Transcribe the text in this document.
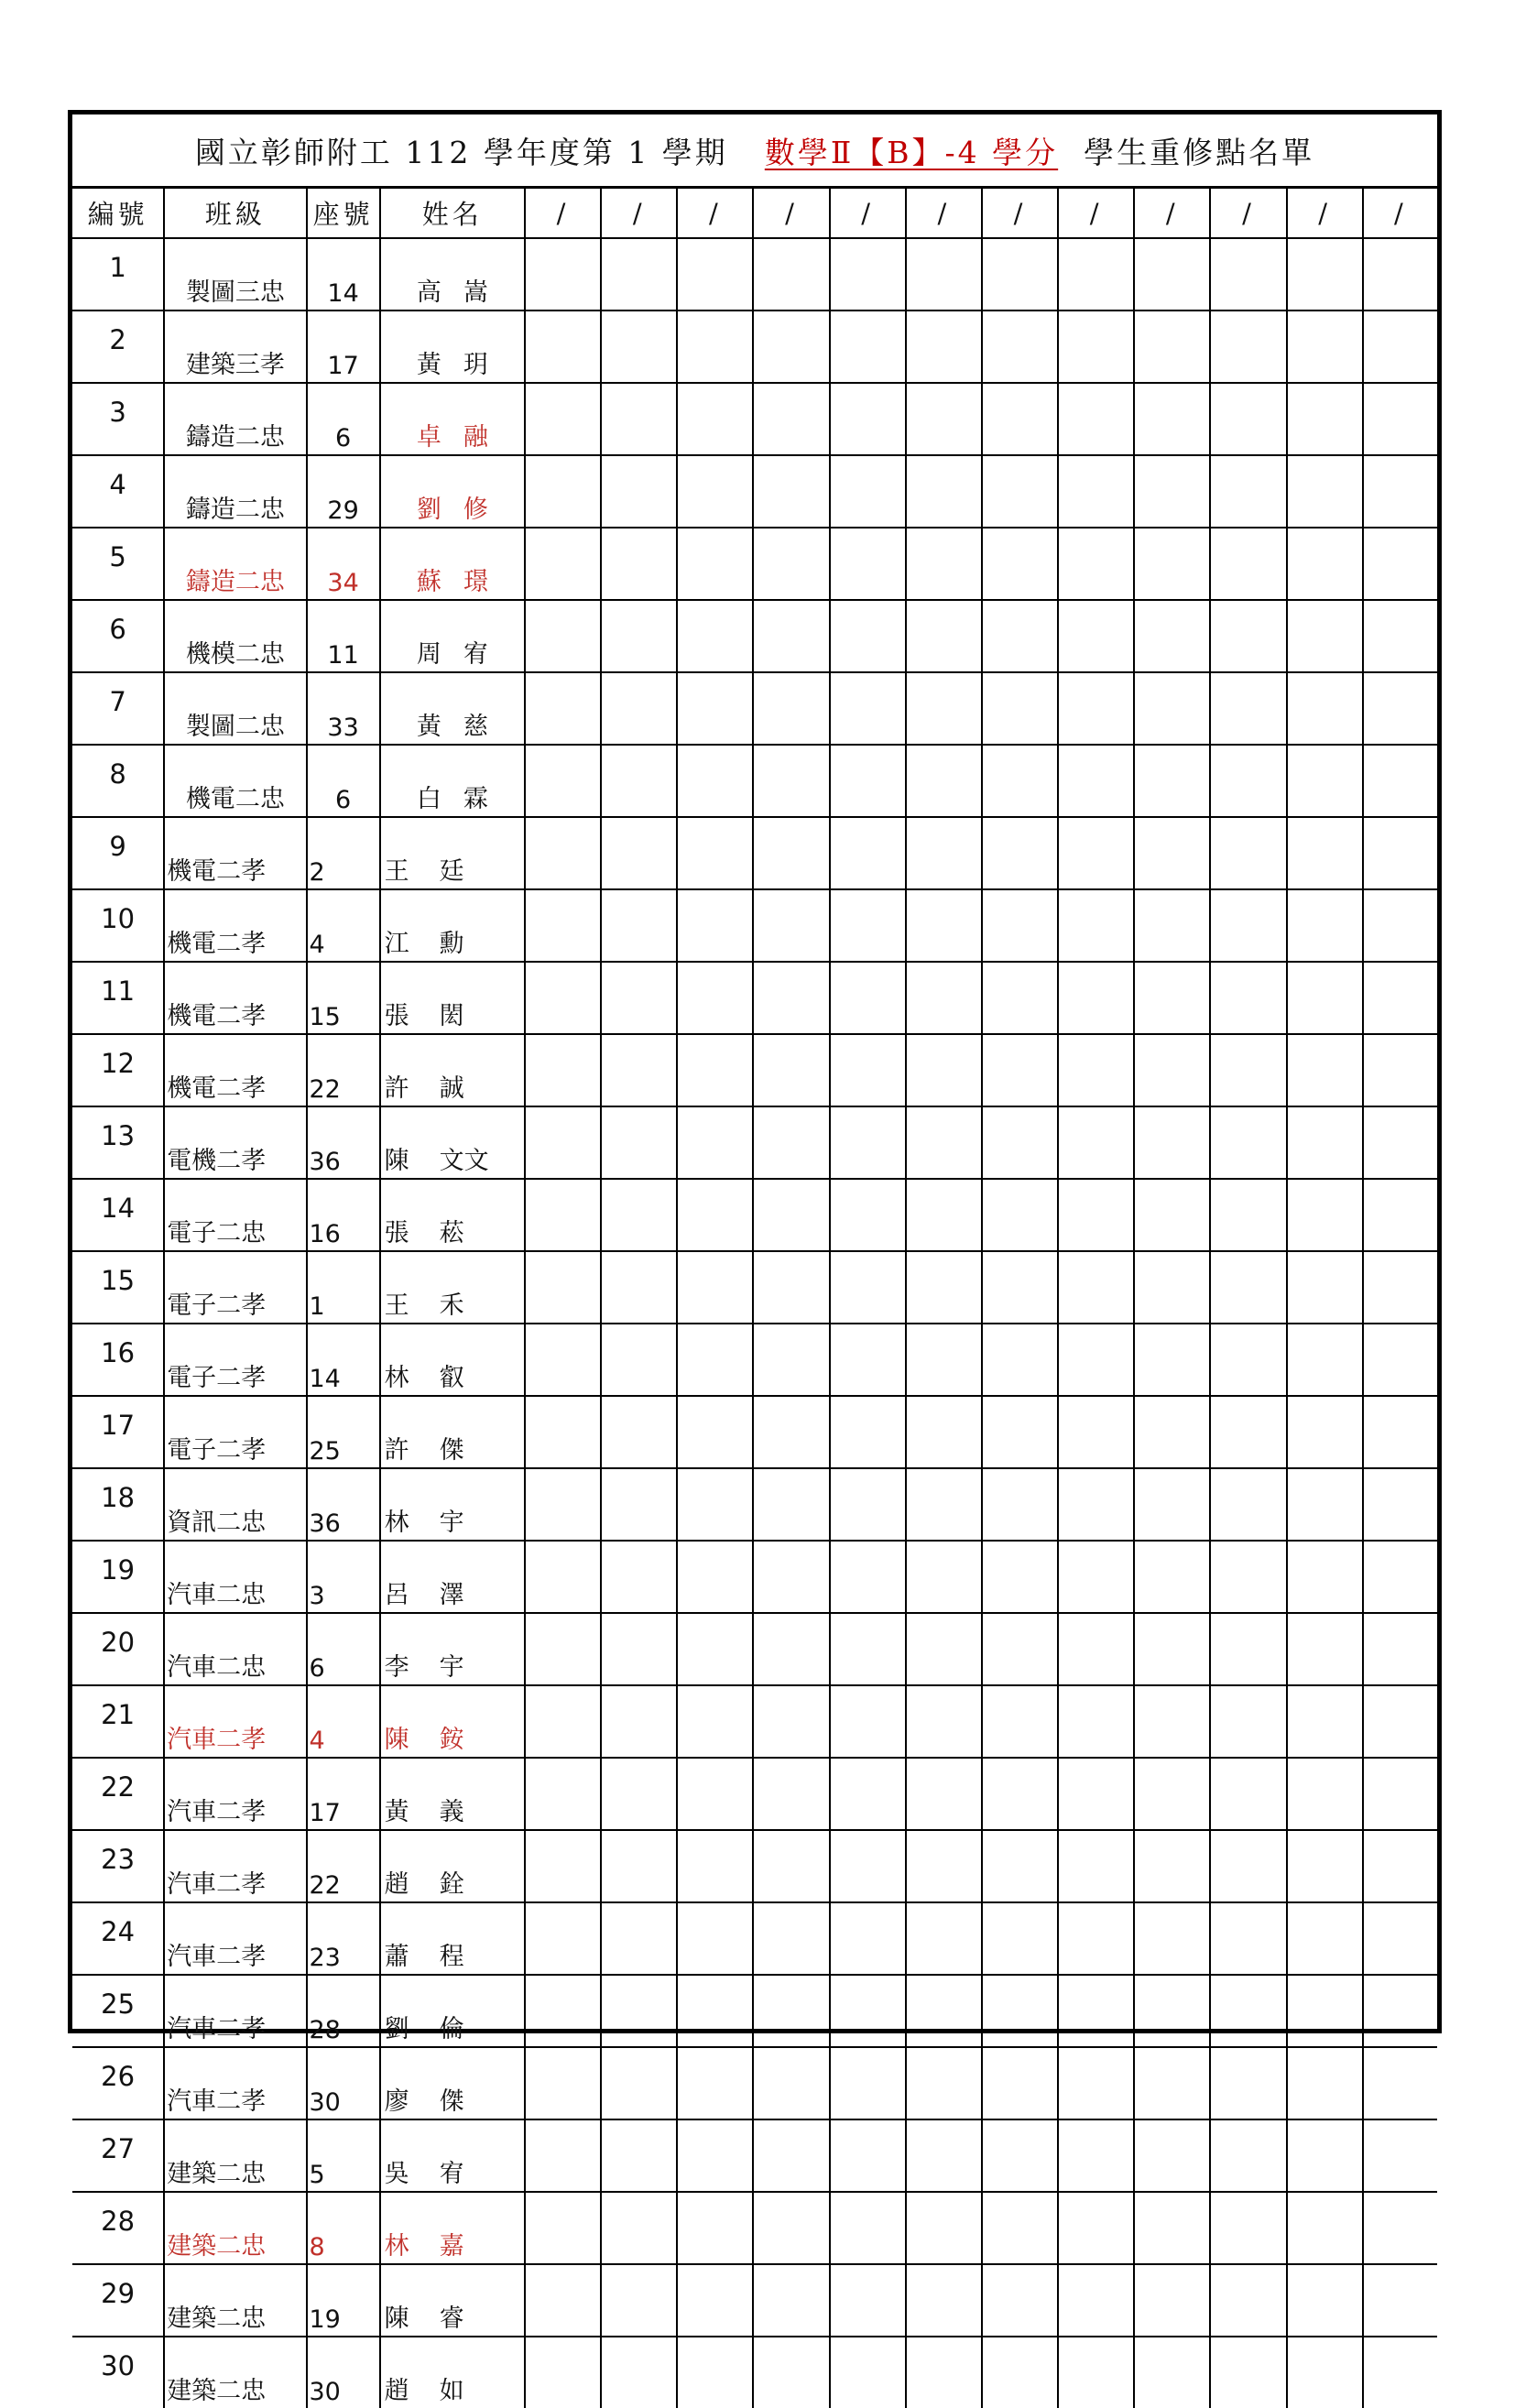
國立彰師附工 112 學年度第 1 學期 數學Ⅱ【B】-4 學分 學生重修點名單
編號	班級	座號	姓名	/	/	/	/	/	/	/	/	/	/	/	/
1	製圖三忠	14	高 嵩												

2	建築三孝	17	黃 玥												

3	鑄造二忠	6	卓 融												

4	鑄造二忠	29	劉 修												

5	鑄造二忠	34	蘇 璟												

6	機模二忠	11	周 宥												

7	製圖二忠	33	黃 慈												

8	機電二忠	6	白 霖												

9	機電二孝	2	王 廷												

10	機電二孝	4	江 勳												

11	機電二孝	15	張 閎												

12	機電二孝	22	許 誠												

13	電機二孝	36	陳 文文												

14	電子二忠	16	張 菘												

15	電子二孝	1	王 禾												

16	電子二孝	14	林 叡												

17	電子二孝	25	許 傑												

18	資訊二忠	36	林 宇												

19	汽車二忠	3	呂 澤												

20	汽車二忠	6	李 宇												

21	汽車二孝	4	陳 銨												

22	汽車二孝	17	黃 義												

23	汽車二孝	22	趙 銓												

24	汽車二孝	23	蕭 程												

25	汽車二孝	28	劉 倫												

26	汽車二孝	30	廖 傑												

27	建築二忠	5	吳 宥												

28	建築二忠	8	林 嘉												

29	建築二忠	19	陳 睿												

30	建築二忠	30	趙 如												
